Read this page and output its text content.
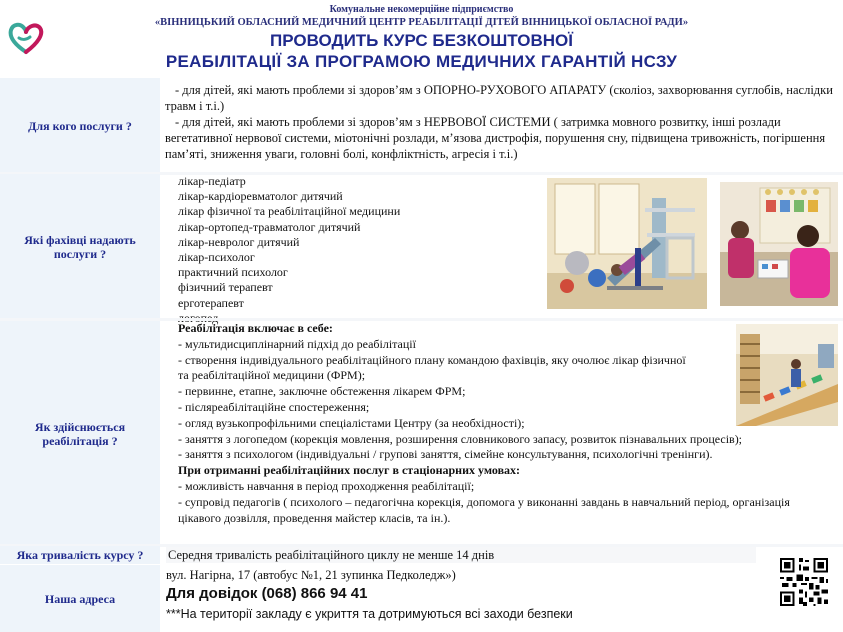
Комунальне некомерційне підприємство
«ВІННИЦЬКИЙ ОБЛАСНИЙ МЕДИЧНИЙ ЦЕНТР РЕАБІЛІТАЦІЇ ДІТЕЙ ВІННИЦЬКОЇ ОБЛАСНОЇ РАДИ»
ПРОВОДИТЬ КУРС БЕЗКОШТОВНОЇ
РЕАБІЛІТАЦІЇ ЗА ПРОГРАМОЮ МЕДИЧНИХ ГАРАНТІЙ НСЗУ
Для кого послуги ?

- для дітей, які мають проблеми зі здоров’ям з ОПОРНО-РУХОВОГО АПАРАТУ (сколіоз, захворювання суглобів, наслідки травм і т.і.)

- для дітей, які мають проблеми зі здоров’ям з НЕРВОВОЇ СИСТЕМИ ( затримка мовного розвитку, інші розлади вегетативної нервової системи, міотонічні розлади, м’язова дистрофія, порушення сну, підвищена тривожність, погіршення пам’яті, зниження уваги, головні болі, конфліктність, агресія і т.і.)

Які фахівці надають послуги ?
лікар-педіатр
лікар-кардіоревматолог дитячий
лікар фізичної та реабілітаційної медицини
лікар-ортопед-травматолог дитячий
лікар-невролог дитячий
лікар-психолог
практичний психолог
фізичний терапевт
ерготерапевт
Як здійснюється реабілітація ?
Реабілітація включає в себе:
- мультидисциплінарний підхід до реабілітації
- створення індивідуального реабілітаційного плану командою фахівців, яку очолює лікар фізичної
та реабілітаційної медицини (ФРМ);
- первинне, етапне, заключне обстеження лікарем ФРМ;
- післяреабілітаційне спостереження;
- огляд вузькопрофільними спеціалістами Центру (за необхідності);
- заняття з логопедом (корекція мовлення, розширення словникового запасу, розвиток пізнавальних процесів);
- заняття з психологом (індивідуальні / групові заняття, сімейне консультування, психологічні тренінги).
При отриманні реабілітаційних послуг в стаціонарних умовах:
- можливість навчання в період проходження реабілітації;
- супровід педагогів ( психолого – педагогічна корекція, допомога у виконанні завдань в навчальний період, організація
цікавого дозвілля, проведення майстер класів, та ін.).
Яка тривалість курсу ?	Середня тривалість реабілітаційного циклу не менше 14 днів
Наша адреса
вул. Нагірна, 17 (автобус №1, 21 зупинка Педколедж»)
Для довідок (068) 866 94 41
***На території закладу є укриття та дотримуються всі заходи безпеки
